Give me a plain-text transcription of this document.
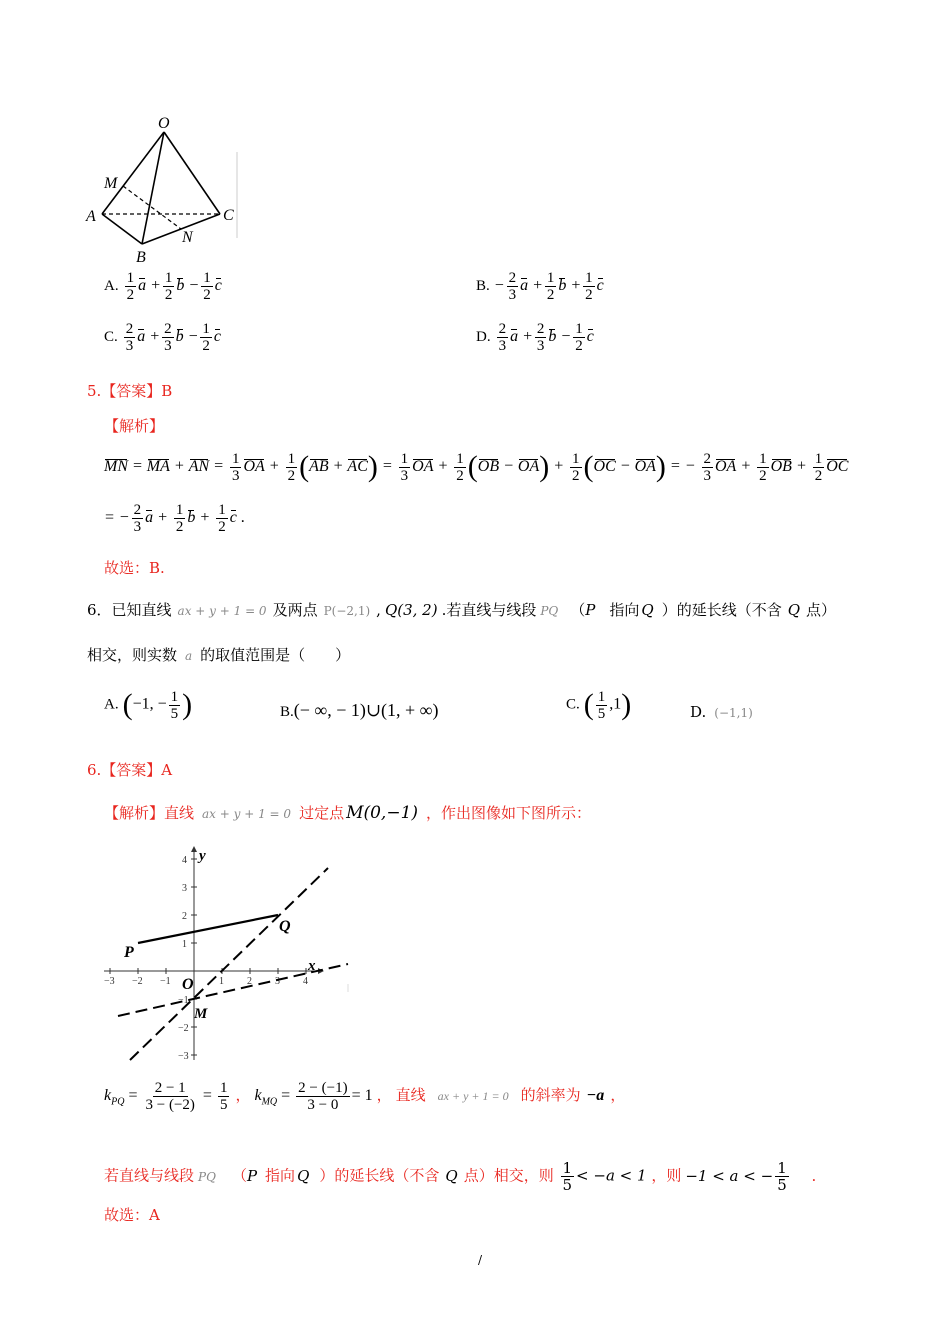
O
M
A	C
N
B
A. $\frac{1}{2}$ $a + \frac{1}{2}$ $b - \frac{1}{2}$ c	B. − $\frac{2}{3}$ $a + \frac{1}{2}$ $b + \frac{1}{2}$ c
C. $\frac{2}{3}$ $a + \frac{2}{3}$ $b - \frac{1}{2}$ c	D. $\frac{2}{3}$ $a + \frac{2}{3}$ $b - \frac{1}{2}$ c
5.【答案】B
【解析】
MN = MA + AN = $\frac{1}{3}$ OA + $\frac{1}{2} (AB + AC) = \frac{1}{3}$ OA + $\frac{1}{2} (OB - OA) + \frac{1}{2} (OC - OA)$ = − $\frac{2}{3}$ OA + $\frac{1}{2}$ OB + $\frac{1}{2}$ OC
= − $\frac{2}{3}$ $a + \frac{1}{2}$ $b + \frac{1}{2}$ c .
故选：B.
6．已知直线 ax + y + 1 = 0 及两点 P(−2,1) , Q(3, 2) .若直线与线段 PQ （P 指向 Q ）的延长线（不含 Q 点）
相交，则实数 a 的取值范围是（　　）
A. (−1, − $\frac{1}{5}$ )	B.(− ∞, − 1)∪(1, + ∞)	C. ( $\frac{1}{5} ,1$)	D. (−1,1)
6.【答案】A
【解析】直线 ax + y + 1 = 0 过定点 M(0,−1) ，作出图像如下图所示：
−3 −2 −1	1 2 3 4
4
3
2
1
−1
−2
−3
y
x
P
Q
O
M
$k_{PQ} = \frac{2 - 1}{3 - (-2)} = \frac{1}{5}$ ， $k_{MQ} = \frac{2 - (-1)}{3 - 0} = 1$ ， 直线 ax + y + 1 = 0 的斜率为 −a ，
若直线与线段 PQ （P 指向 Q ）的延长线（不含 Q 点）相交，则 $\frac{1}{5} < -a < 1$ ，则 −1 < a < − $\frac{1}{5}$ .
故选：A
/
